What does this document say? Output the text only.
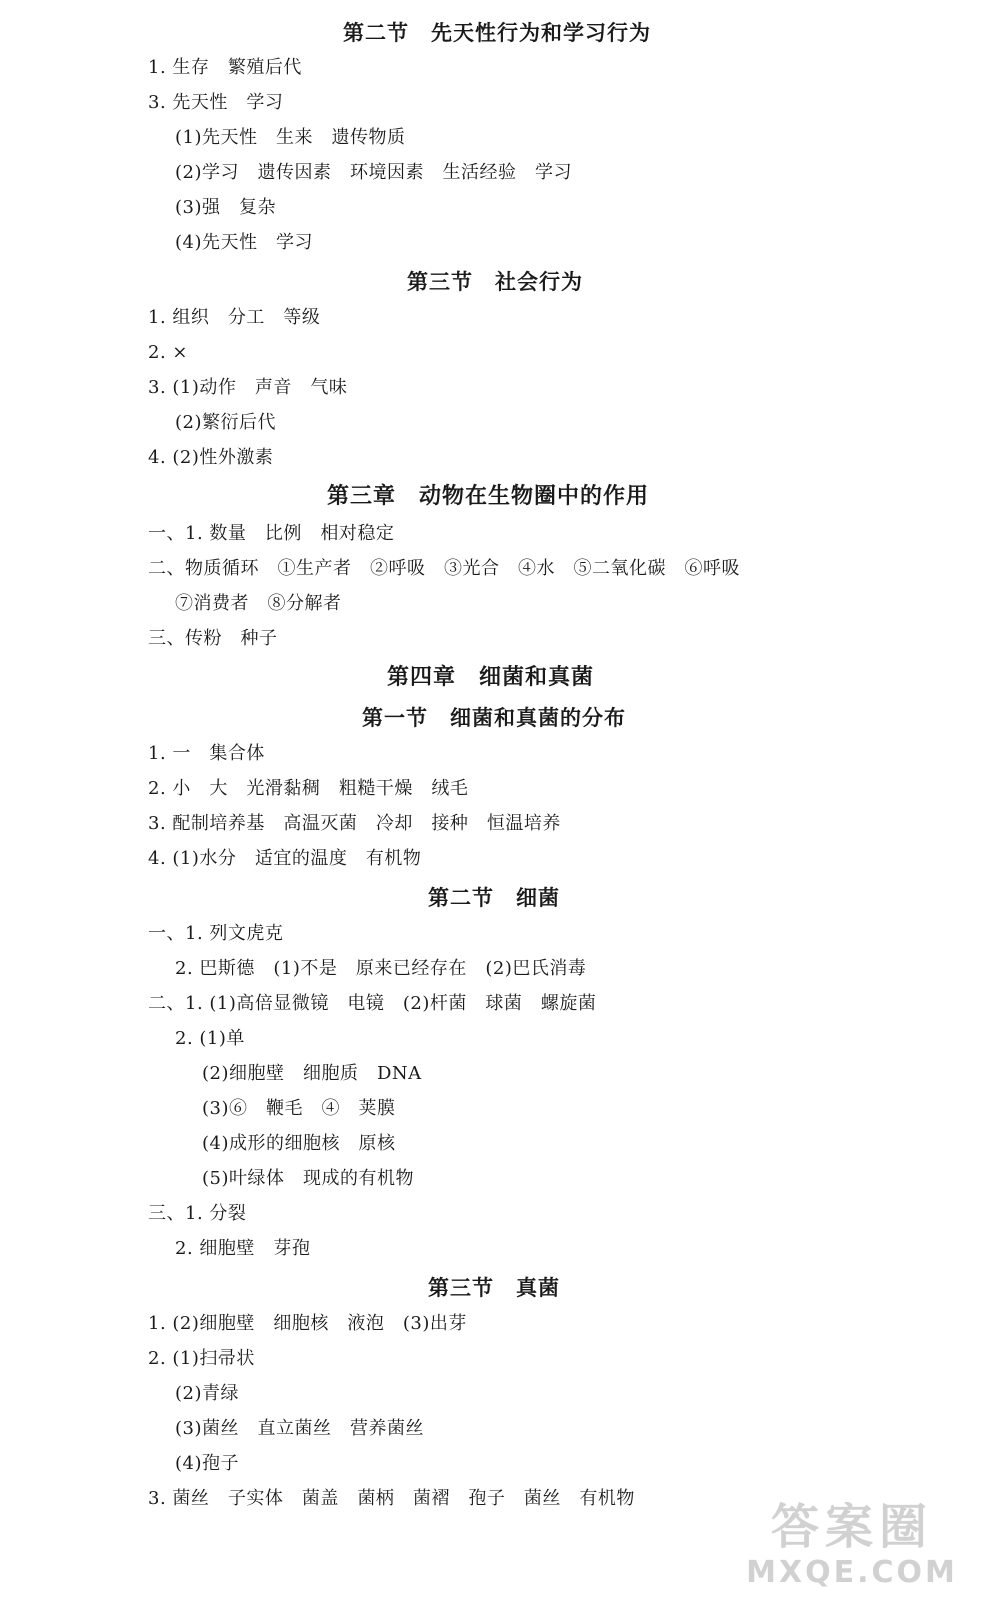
第二节　先天性行为和学习行为
1. 生存　繁殖后代
3. 先天性　学习
(1)先天性　生来　遗传物质
(2)学习　遗传因素　环境因素　生活经验　学习
(3)强　复杂
(4)先天性　学习
第三节　社会行为
1. 组织　分工　等级
2. ×
3. (1)动作　声音　气味
(2)繁衍后代
4. (2)性外激素
第三章　动物在生物圈中的作用
一、1. 数量　比例　相对稳定
二、物质循环　①生产者　②呼吸　③光合　④水　⑤二氧化碳　⑥呼吸
⑦消费者　⑧分解者
三、传粉　种子
第四章　细菌和真菌
第一节　细菌和真菌的分布
1. 一　集合体
2. 小　大　光滑黏稠　粗糙干燥　绒毛
3. 配制培养基　高温灭菌　冷却　接种　恒温培养
4. (1)水分　适宜的温度　有机物
第二节　细菌
一、1. 列文虎克
2. 巴斯德　(1)不是　原来已经存在　(2)巴氏消毒
二、1. (1)高倍显微镜　电镜　(2)杆菌　球菌　螺旋菌
2. (1)单
(2)细胞壁　细胞质　DNA
(3)⑥　鞭毛　④　荚膜
(4)成形的细胞核　原核
(5)叶绿体　现成的有机物
三、1. 分裂
2. 细胞壁　芽孢
第三节　真菌
1. (2)细胞壁　细胞核　液泡　(3)出芽
2. (1)扫帚状
(2)青绿
(3)菌丝　直立菌丝　营养菌丝
(4)孢子
3. 菌丝　子实体　菌盖　菌柄　菌褶　孢子　菌丝　有机物
答案圈
MXQE.COM
